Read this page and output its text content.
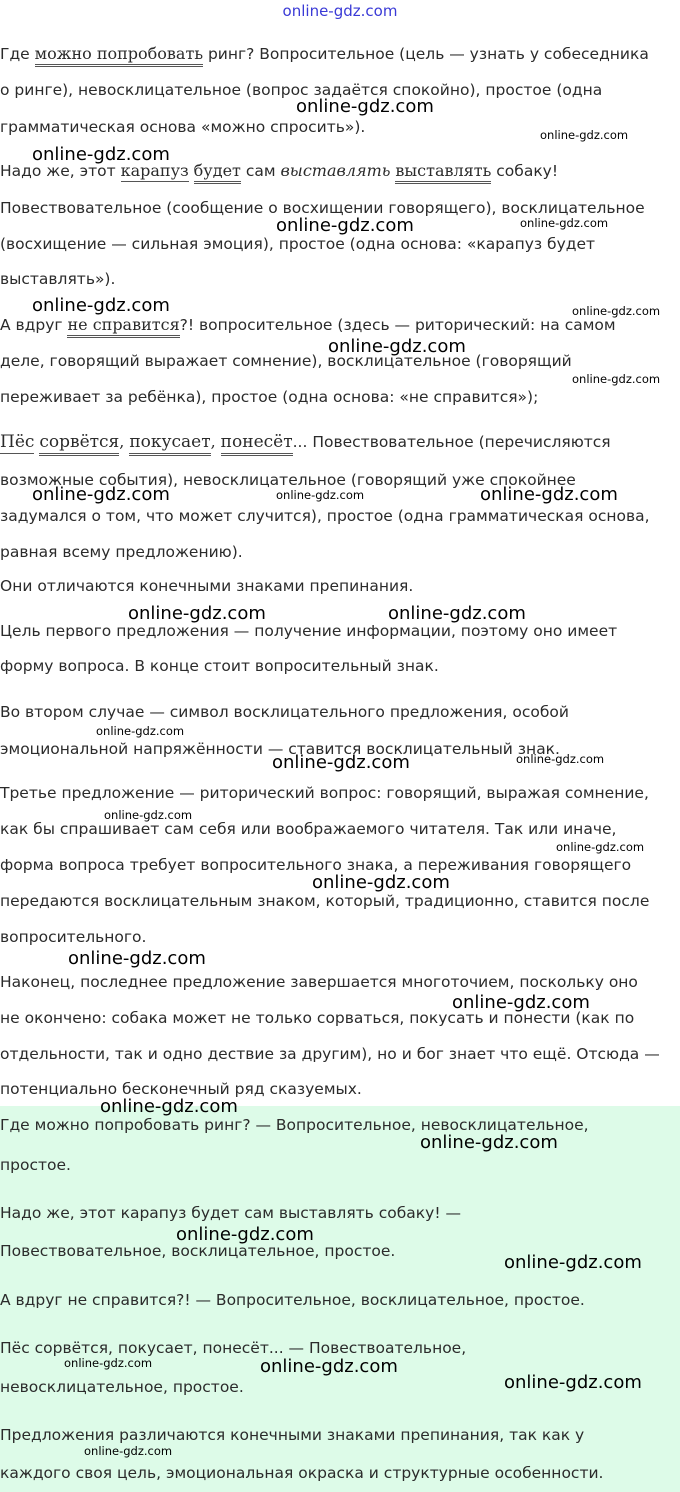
online-gdz.com
Где можно попробовать ринг? Вопросительное (цель — узнать у собеседника
о ринге), невосклицательное (вопрос задаётся спокойно), простое (одна
грамматическая основа «можно спросить»).
Надо же, этот карапуз будет сам выставлять выставлять собаку!
Повествовательное (сообщение о восхищении говорящего), восклицательное
(восхищение — сильная эмоция), простое (одна основа: «карапуз будет
выставлять»).
А вдруг не справится?! вопросительное (здесь — риторический: на самом
деле, говорящий выражает сомнение), восклицательное (говорящий
переживает за ребёнка), простое (одна основа: «не справится»);
Пёс сорвётся, покусает, понесёт... Повествовательное (перечисляются
возможные события), невосклицательное (говорящий уже спокойнее
задумался о том, что может случится), простое (одна грамматическая основа,
равная всему предложению).
Они отличаются конечными знаками препинания.
Цель первого предложения — получение информации, поэтому оно имеет
форму вопроса. В конце стоит вопросительный знак.
Во втором случае — символ восклицательного предложения, особой
эмоциональной напряжённости — ставится восклицательный знак.
Третье предложение — риторический вопрос: говорящий, выражая сомнение,
как бы спрашивает сам себя или воображаемого читателя. Так или иначе,
форма вопроса требует вопросительного знака, а переживания говорящего
передаются восклицательным знаком, который, традиционно, ставится после
вопросительного.
Наконец, последнее предложение завершается многоточием, поскольку оно
не окончено: собака может не только сорваться, покусать и понести (как по
отдельности, так и одно дествие за другим), но и бог знает что ещё. Отсюда —
потенциально бесконечный ряд сказуемых.
Где можно попробовать ринг? — Вопросительное, невосклицательное,
простое.
Надо же, этот карапуз будет сам выставлять собаку! —
Повествовательное, восклицательное, простое.
А вдруг не справится?! — Вопросительное, восклицательное, простое.
Пёс сорвётся, покусает, понесёт... — Повествоательное,
невосклицательное, простое.
Предложения различаются конечными знаками препинания, так как у
каждого своя цель, эмоциональная окраска и структурные особенности.
online-gdz.com
online-gdz.com
online-gdz.com
online-gdz.com
online-gdz.com
online-gdz.com	online-gdz.com
online-gdz.com
online-gdz.com
online-gdz.com	online-gdz.com	online-gdz.com
online-gdz.com	online-gdz.com
online-gdz.com
online-gdz.com	online-gdz.com
online-gdz.com
online-gdz.com
online-gdz.com
online-gdz.com
online-gdz.com
online-gdz.com
online-gdz.com
online-gdz.com
online-gdz.com
online-gdz.com	online-gdz.com
online-gdz.com
online-gdz.com
